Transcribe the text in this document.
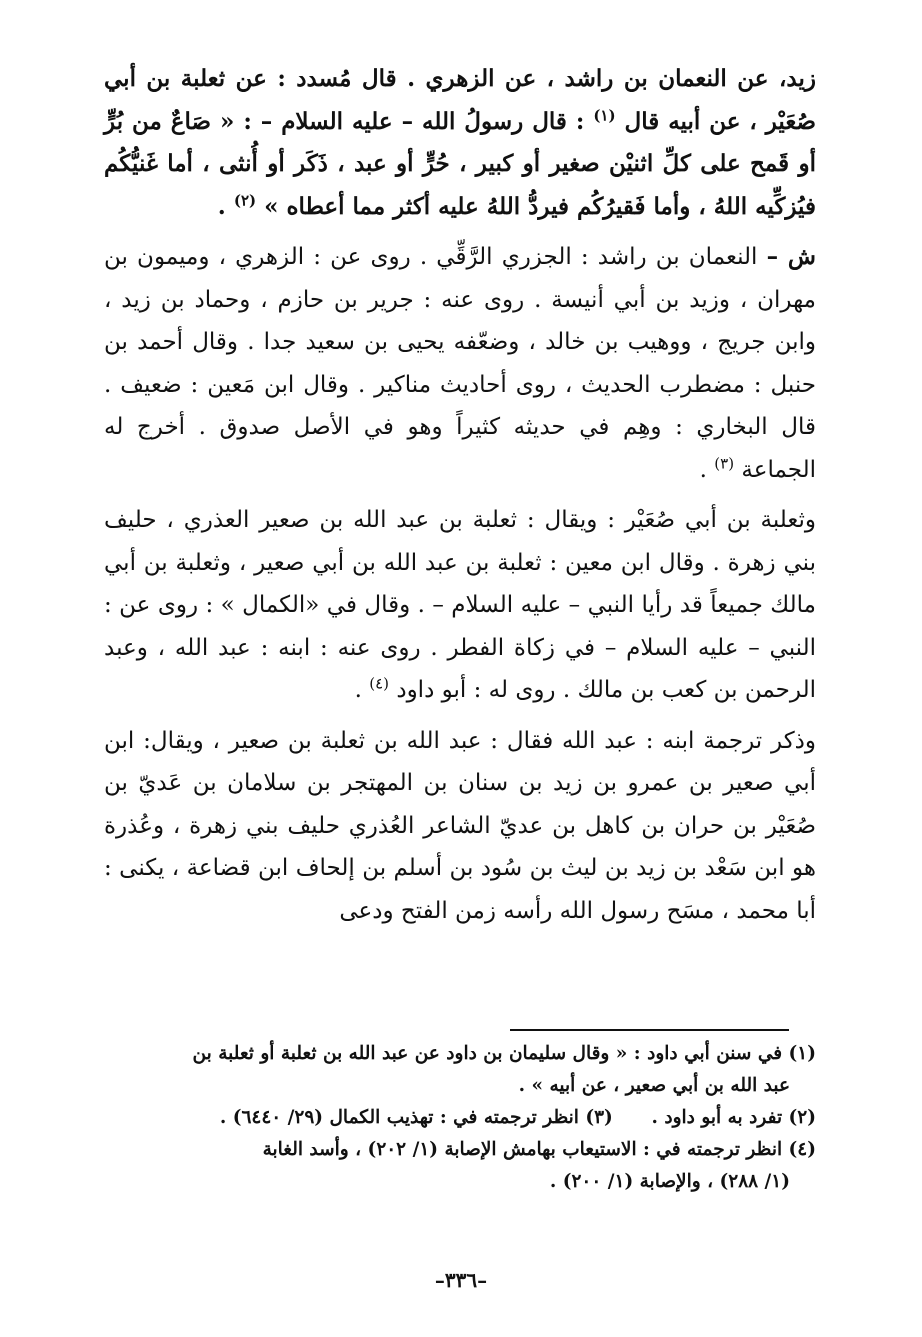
زيد، عن النعمان بن راشد ، عن الزهري . قال مُسدد : عن ثعلبة بن أبي صُعَيْر ، عن أبيه قال $^{(١)}$ : قال رسولُ الله – عليه السلام – : « صَاعٌ من بُرٍّ أو قَمح على كلِّ اثنيْن صغير أو كبير ، حُرٍّ أو عبد ، ذَكَر أو أُنثى ، أما غَنيُّكُم فيُزكِّيه اللهُ ، وأما فَقيرُكُم فيردُّ اللهُ عليه أكثر مما أعطاه » $^{(٢)}$ .

ش – النعمان بن راشد : الجزري الرَّقِّي . روى عن : الزهري ، وميمون بن مهران ، وزيد بن أبي أنيسة . روى عنه : جرير بن حازم ، وحماد بن زيد ، وابن جريج ، ووهيب بن خالد ، وضعّفه يحيى بن سعيد جدا . وقال أحمد بن حنبل : مضطرب الحديث ، روى أحاديث مناكير . وقال ابن مَعين : ضعيف . قال البخاري : وهِم في حديثه كثيراً وهو في الأصل صدوق . أخرج له الجماعة $^{(٣)}$ .

وثعلبة بن أبي صُعَيْر : ويقال : ثعلبة بن عبد الله بن صعير العذري ، حليف بني زهرة . وقال ابن معين : ثعلبة بن عبد الله بن أبي صعير ، وثعلبة بن أبي مالك جميعاً قد رأيا النبي – عليه السلام – . وقال في «الكمال » : روى عن : النبي – عليه السلام – في زكاة الفطر . روى عنه : ابنه : عبد الله ، وعبد الرحمن بن كعب بن مالك . روى له : أبو داود $^{(٤)}$ .

وذكر ترجمة ابنه : عبد الله فقال : عبد الله بن ثعلبة بن صعير ، ويقال: ابن أبي صعير بن عمرو بن زيد بن سنان بن المهتجر بن سلامان بن عَديّ بن صُعَيْر بن حران بن كاهل بن عديّ الشاعر العُذري حليف بني زهرة ، وعُذرة هو ابن سَعْد بن زيد بن ليث بن سُود بن أسلم بن إلحاف ابن قضاعة ، يكنى : أبا محمد ، مسَح رسول الله رأسه زمن الفتح ودعى

(١) في سنن أبي داود : « وقال سليمان بن داود عن عبد الله بن ثعلبة أو ثعلبة بن
عبد الله بن أبي صعير ، عن أبيه » .

(٢) تفرد به أبو داود .      (٣) انظر ترجمته في : تهذيب الكمال (٢٩/ ٦٤٤٠) .

(٤) انظر ترجمته في : الاستيعاب بهامش الإصابة (١/ ٢٠٢) ، وأسد الغابة
(١/ ٢٨٨) ، والإصابة (١/ ٢٠٠) .

–٣٣٦–
